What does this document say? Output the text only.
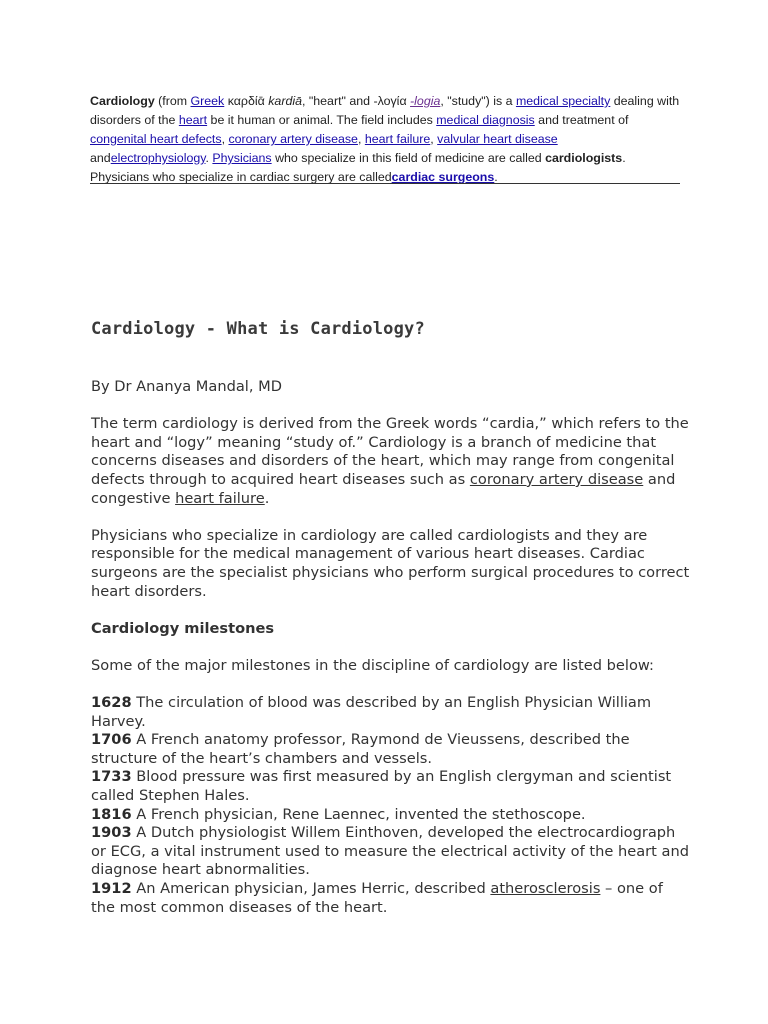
Cardiology (from Greek καρδίᾱ kardiā, "heart" and -λογία -logia, "study") is a medical specialty dealing with disorders of the heart be it human or animal. The field includes medical diagnosis and treatment of congenital heart defects, coronary artery disease, heart failure, valvular heart disease andelectrophysiology. Physicians who specialize in this field of medicine are called cardiologists. Physicians who specialize in cardiac surgery are calledcardiac surgeons.

Cardiology - What is Cardiology?

By Dr Ananya Mandal, MD

The term cardiology is derived from the Greek words “cardia,” which refers to the heart and “logy” meaning “study of.” Cardiology is a branch of medicine that concerns diseases and disorders of the heart, which may range from congenital defects through to acquired heart diseases such as coronary artery disease and congestive heart failure.

Physicians who specialize in cardiology are called cardiologists and they are responsible for the medical management of various heart diseases. Cardiac surgeons are the specialist physicians who perform surgical procedures to correct heart disorders.

Cardiology milestones

Some of the major milestones in the discipline of cardiology are listed below:

1628 The circulation of blood was described by an English Physician William Harvey.

1706 A French anatomy professor, Raymond de Vieussens, described the structure of the heart’s chambers and vessels.

1733 Blood pressure was first measured by an English clergyman and scientist called Stephen Hales.

1816 A French physician, Rene Laennec, invented the stethoscope.

1903 A Dutch physiologist Willem Einthoven, developed the electrocardiograph or ECG, a vital instrument used to measure the electrical activity of the heart and diagnose heart abnormalities.

1912 An American physician, James Herric, described atherosclerosis – one of the most common diseases of the heart.
